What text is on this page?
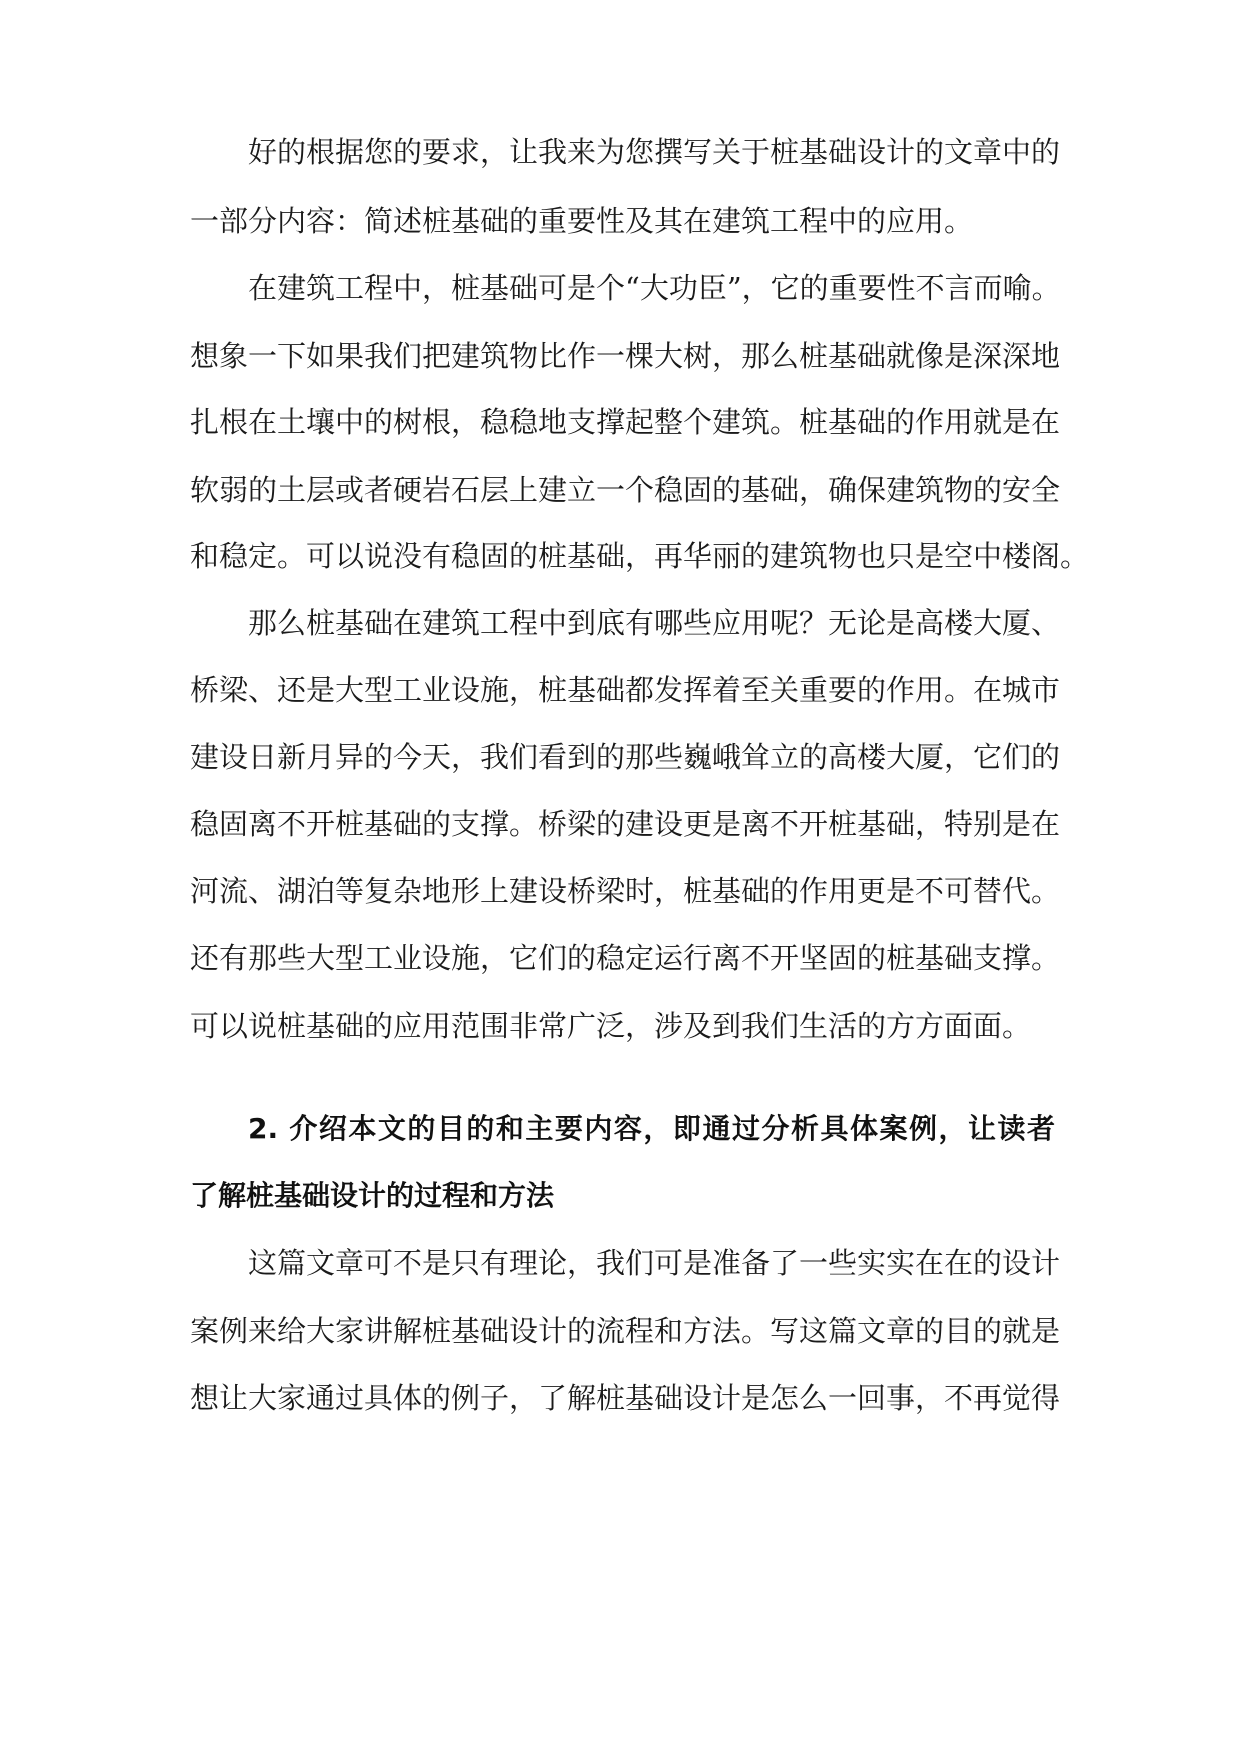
好的根据您的要求，让我来为您撰写关于桩基础设计的文章中的
一部分内容：简述桩基础的重要性及其在建筑工程中的应用。
在建筑工程中，桩基础可是个“大功臣”，它的重要性不言而喻。
想象一下如果我们把建筑物比作一棵大树，那么桩基础就像是深深地
扎根在土壤中的树根，稳稳地支撑起整个建筑。桩基础的作用就是在
软弱的土层或者硬岩石层上建立一个稳固的基础，确保建筑物的安全
和稳定。可以说没有稳固的桩基础，再华丽的建筑物也只是空中楼阁。
那么桩基础在建筑工程中到底有哪些应用呢？无论是高楼大厦、
桥梁、还是大型工业设施，桩基础都发挥着至关重要的作用。在城市
建设日新月异的今天，我们看到的那些巍峨耸立的高楼大厦，它们的
稳固离不开桩基础的支撑。桥梁的建设更是离不开桩基础，特别是在
河流、湖泊等复杂地形上建设桥梁时，桩基础的作用更是不可替代。
还有那些大型工业设施，它们的稳定运行离不开坚固的桩基础支撑。
可以说桩基础的应用范围非常广泛，涉及到我们生活的方方面面。
2. 介绍本文的目的和主要内容，即通过分析具体案例，让读者
了解桩基础设计的过程和方法
这篇文章可不是只有理论，我们可是准备了一些实实在在的设计
案例来给大家讲解桩基础设计的流程和方法。写这篇文章的目的就是
想让大家通过具体的例子，了解桩基础设计是怎么一回事，不再觉得
